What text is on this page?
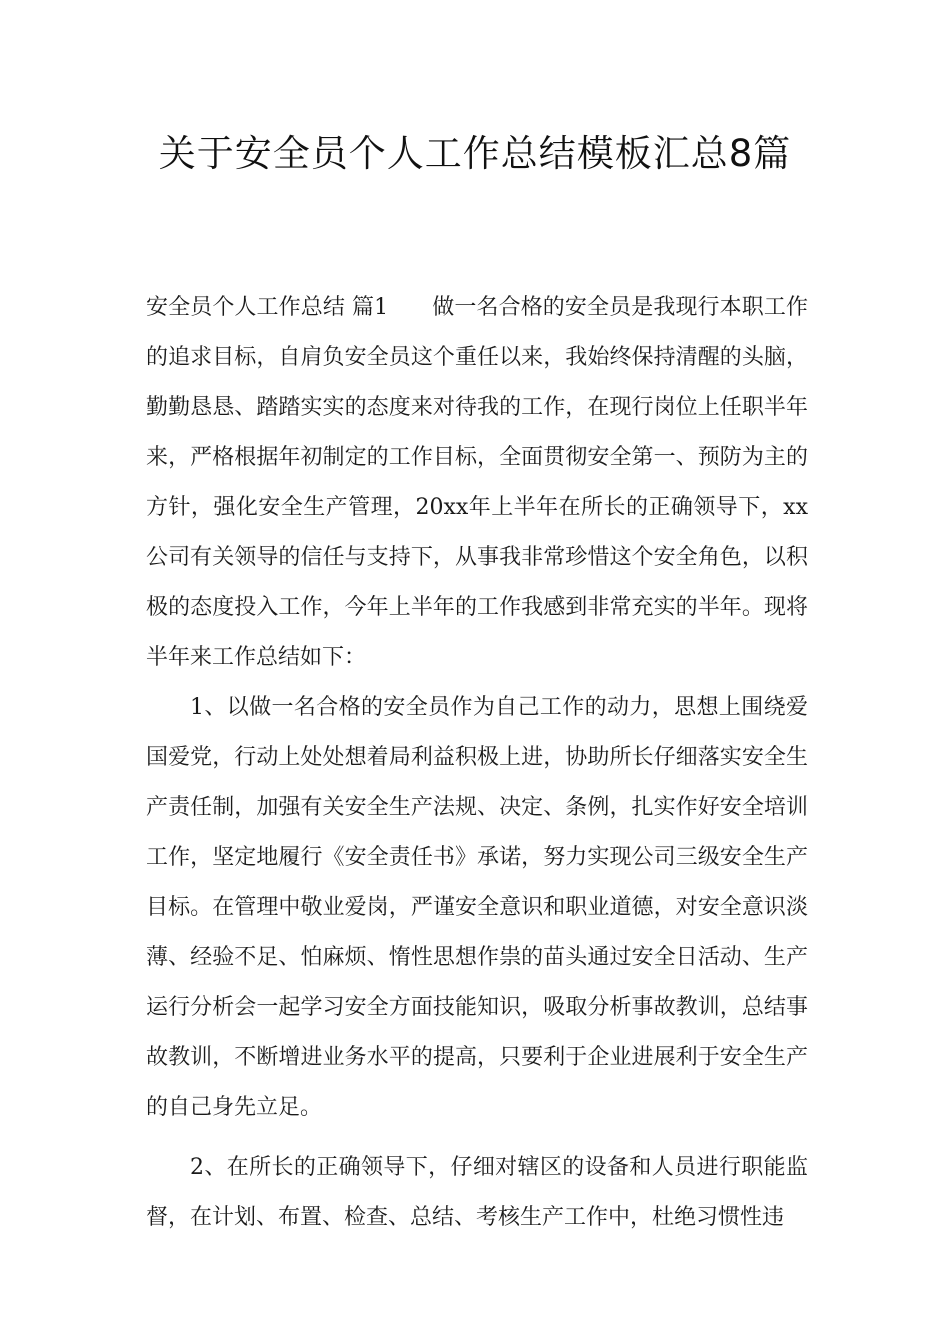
关于安全员个人工作总结模板汇总8篇

安全员个人工作总结 篇1 做一名合格的安全员是我现行本职工作的追求目标，自肩负安全员这个重任以来，我始终保持清醒的头脑，勤勤恳恳、踏踏实实的态度来对待我的工作，在现行岗位上任职半年来，严格根据年初制定的工作目标，全面贯彻安全第一、预防为主的方针，强化安全生产管理，20xx年上半年在所长的正确领导下，xx公司有关领导的信任与支持下，从事我非常珍惜这个安全角色，以积极的态度投入工作，今年上半年的工作我感到非常充实的半年。现将半年来工作总结如下：

1、以做一名合格的安全员作为自己工作的动力，思想上围绕爱国爱党，行动上处处想着局利益积极上进，协助所长仔细落实安全生产责任制，加强有关安全生产法规、决定、条例，扎实作好安全培训工作，坚定地履行《安全责任书》承诺，努力实现公司三级安全生产目标。在管理中敬业爱岗，严谨安全意识和职业道德，对安全意识淡薄、经验不足、怕麻烦、惰性思想作祟的苗头通过安全日活动、生产运行分析会一起学习安全方面技能知识，吸取分析事故教训，总结事故教训，不断增进业务水平的提高，只要利于企业进展利于安全生产的自己身先立足。

2、在所长的正确领导下，仔细对辖区的设备和人员进行职能监督，在计划、布置、检查、总结、考核生产工作中，杜绝习惯性违
